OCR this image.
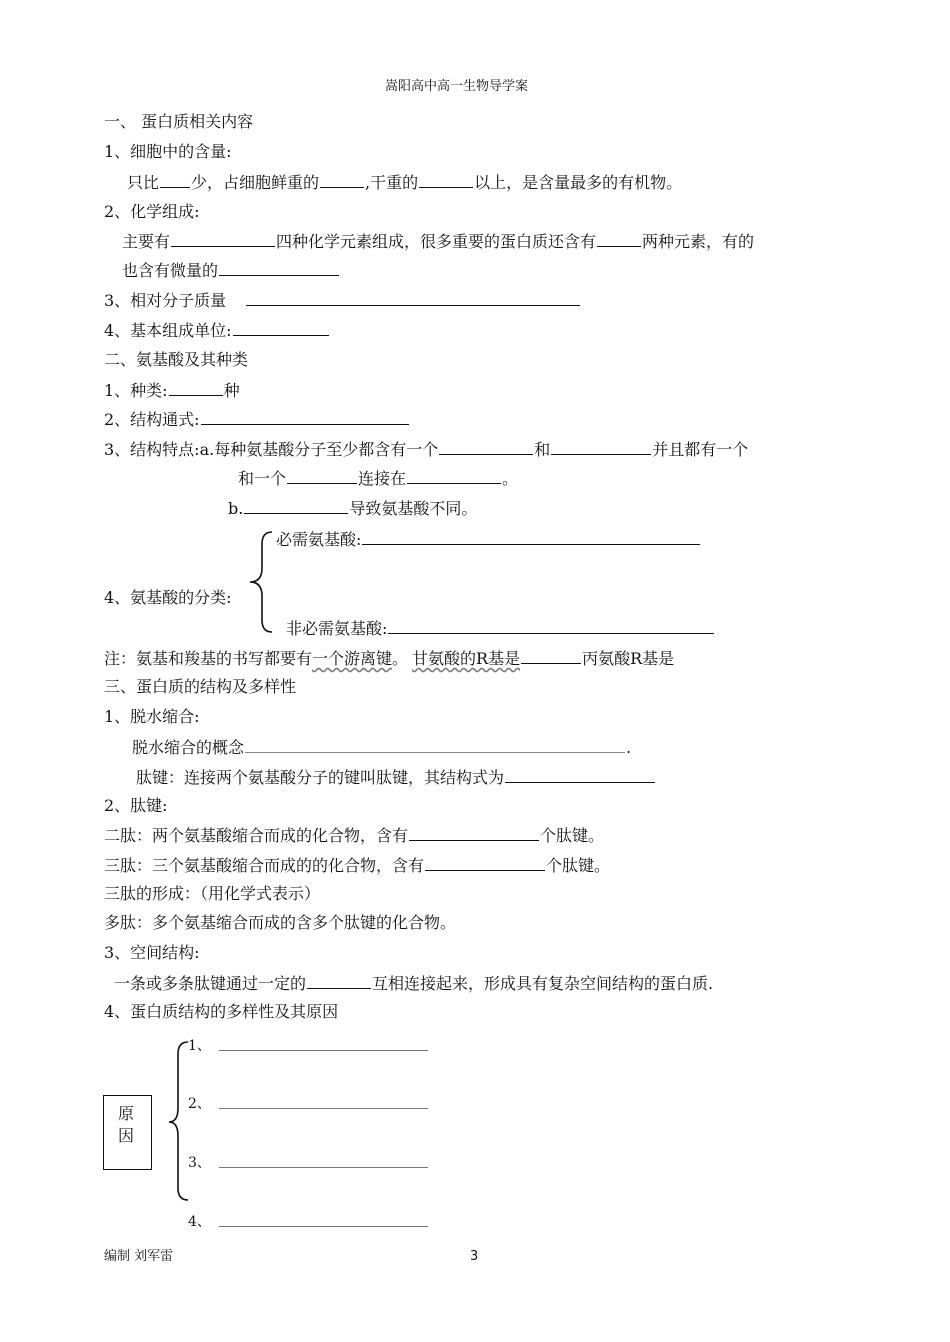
嵩阳高中高一生物导学案
一、 蛋白质相关内容
1、细胞中的含量:
只比 少，占细胞鲜重的	,干重的	以上，是含量最多的有机物。
2、化学组成:
主要有	四种化学元素组成，很多重要的蛋白质还含有	两种元素，有的
也含有微量的
3、相对分子质量
4、基本组成单位:
二、氨基酸及其种类
1、种类:	种
2、结构通式:
3、结构特点:a.每种氨基酸分子至少都含有一个	和	并且都有一个
和一个	连接在	。
b.	导致氨基酸不同。
必需氨基酸:
4、氨基酸的分类:
非必需氨基酸:
注：氨基和羧基的书写都要有一个游离键。 甘氨酸的R基是	丙氨酸R基是
三、蛋白质的结构及多样性
1、脱水缩合:
脱水缩合的概念	.
肽键：连接两个氨基酸分子的键叫肽键，其结构式为
2、肽键:
二肽：两个氨基酸缩合而成的化合物，含有	个肽键。
三肽：三个氨基酸缩合而成的的化合物，含有	个肽键。
三肽的形成：（用化学式表示）
多肽：多个氨基缩合而成的含多个肽键的化合物。
3、空间结构:
一条或多条肽键通过一定的	互相连接起来，形成具有复杂空间结构的蛋白质.
4、蛋白质结构的多样性及其原因
原
因
1、
2、
3、
4、
编制 刘军雷	3
